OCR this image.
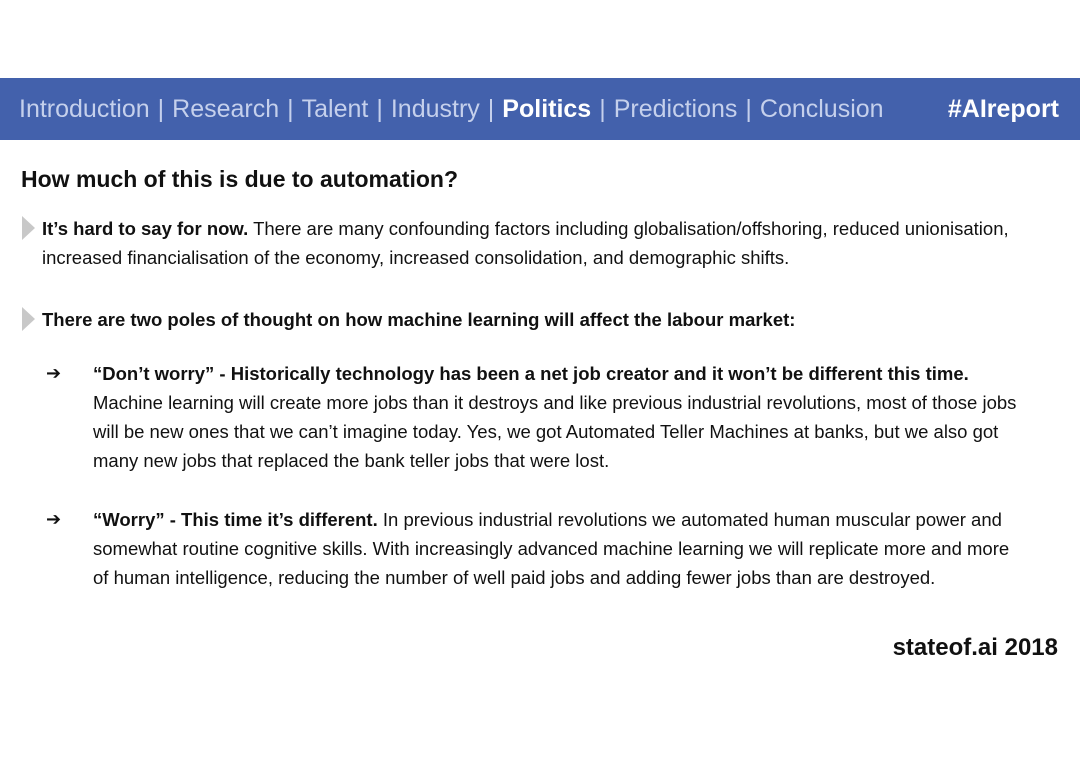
Introduction | Research | Talent | Industry | Politics | Predictions | Conclusion	#AIreport
How much of this is due to automation?
It’s hard to say for now. There are many confounding factors including globalisation/offshoring, reduced unionisation, increased financialisation of the economy, increased consolidation, and demographic shifts.
There are two poles of thought on how machine learning will affect the labour market:
➔ “Don’t worry” - Historically technology has been a net job creator and it won’t be different this time. Machine learning will create more jobs than it destroys and like previous industrial revolutions, most of those jobs will be new ones that we can’t imagine today. Yes, we got Automated Teller Machines at banks, but we also got many new jobs that replaced the bank teller jobs that were lost.
➔ “Worry” - This time it’s different. In previous industrial revolutions we automated human muscular power and somewhat routine cognitive skills. With increasingly advanced machine learning we will replicate more and more of human intelligence, reducing the number of well paid jobs and adding fewer jobs than are destroyed.
stateof.ai 2018
